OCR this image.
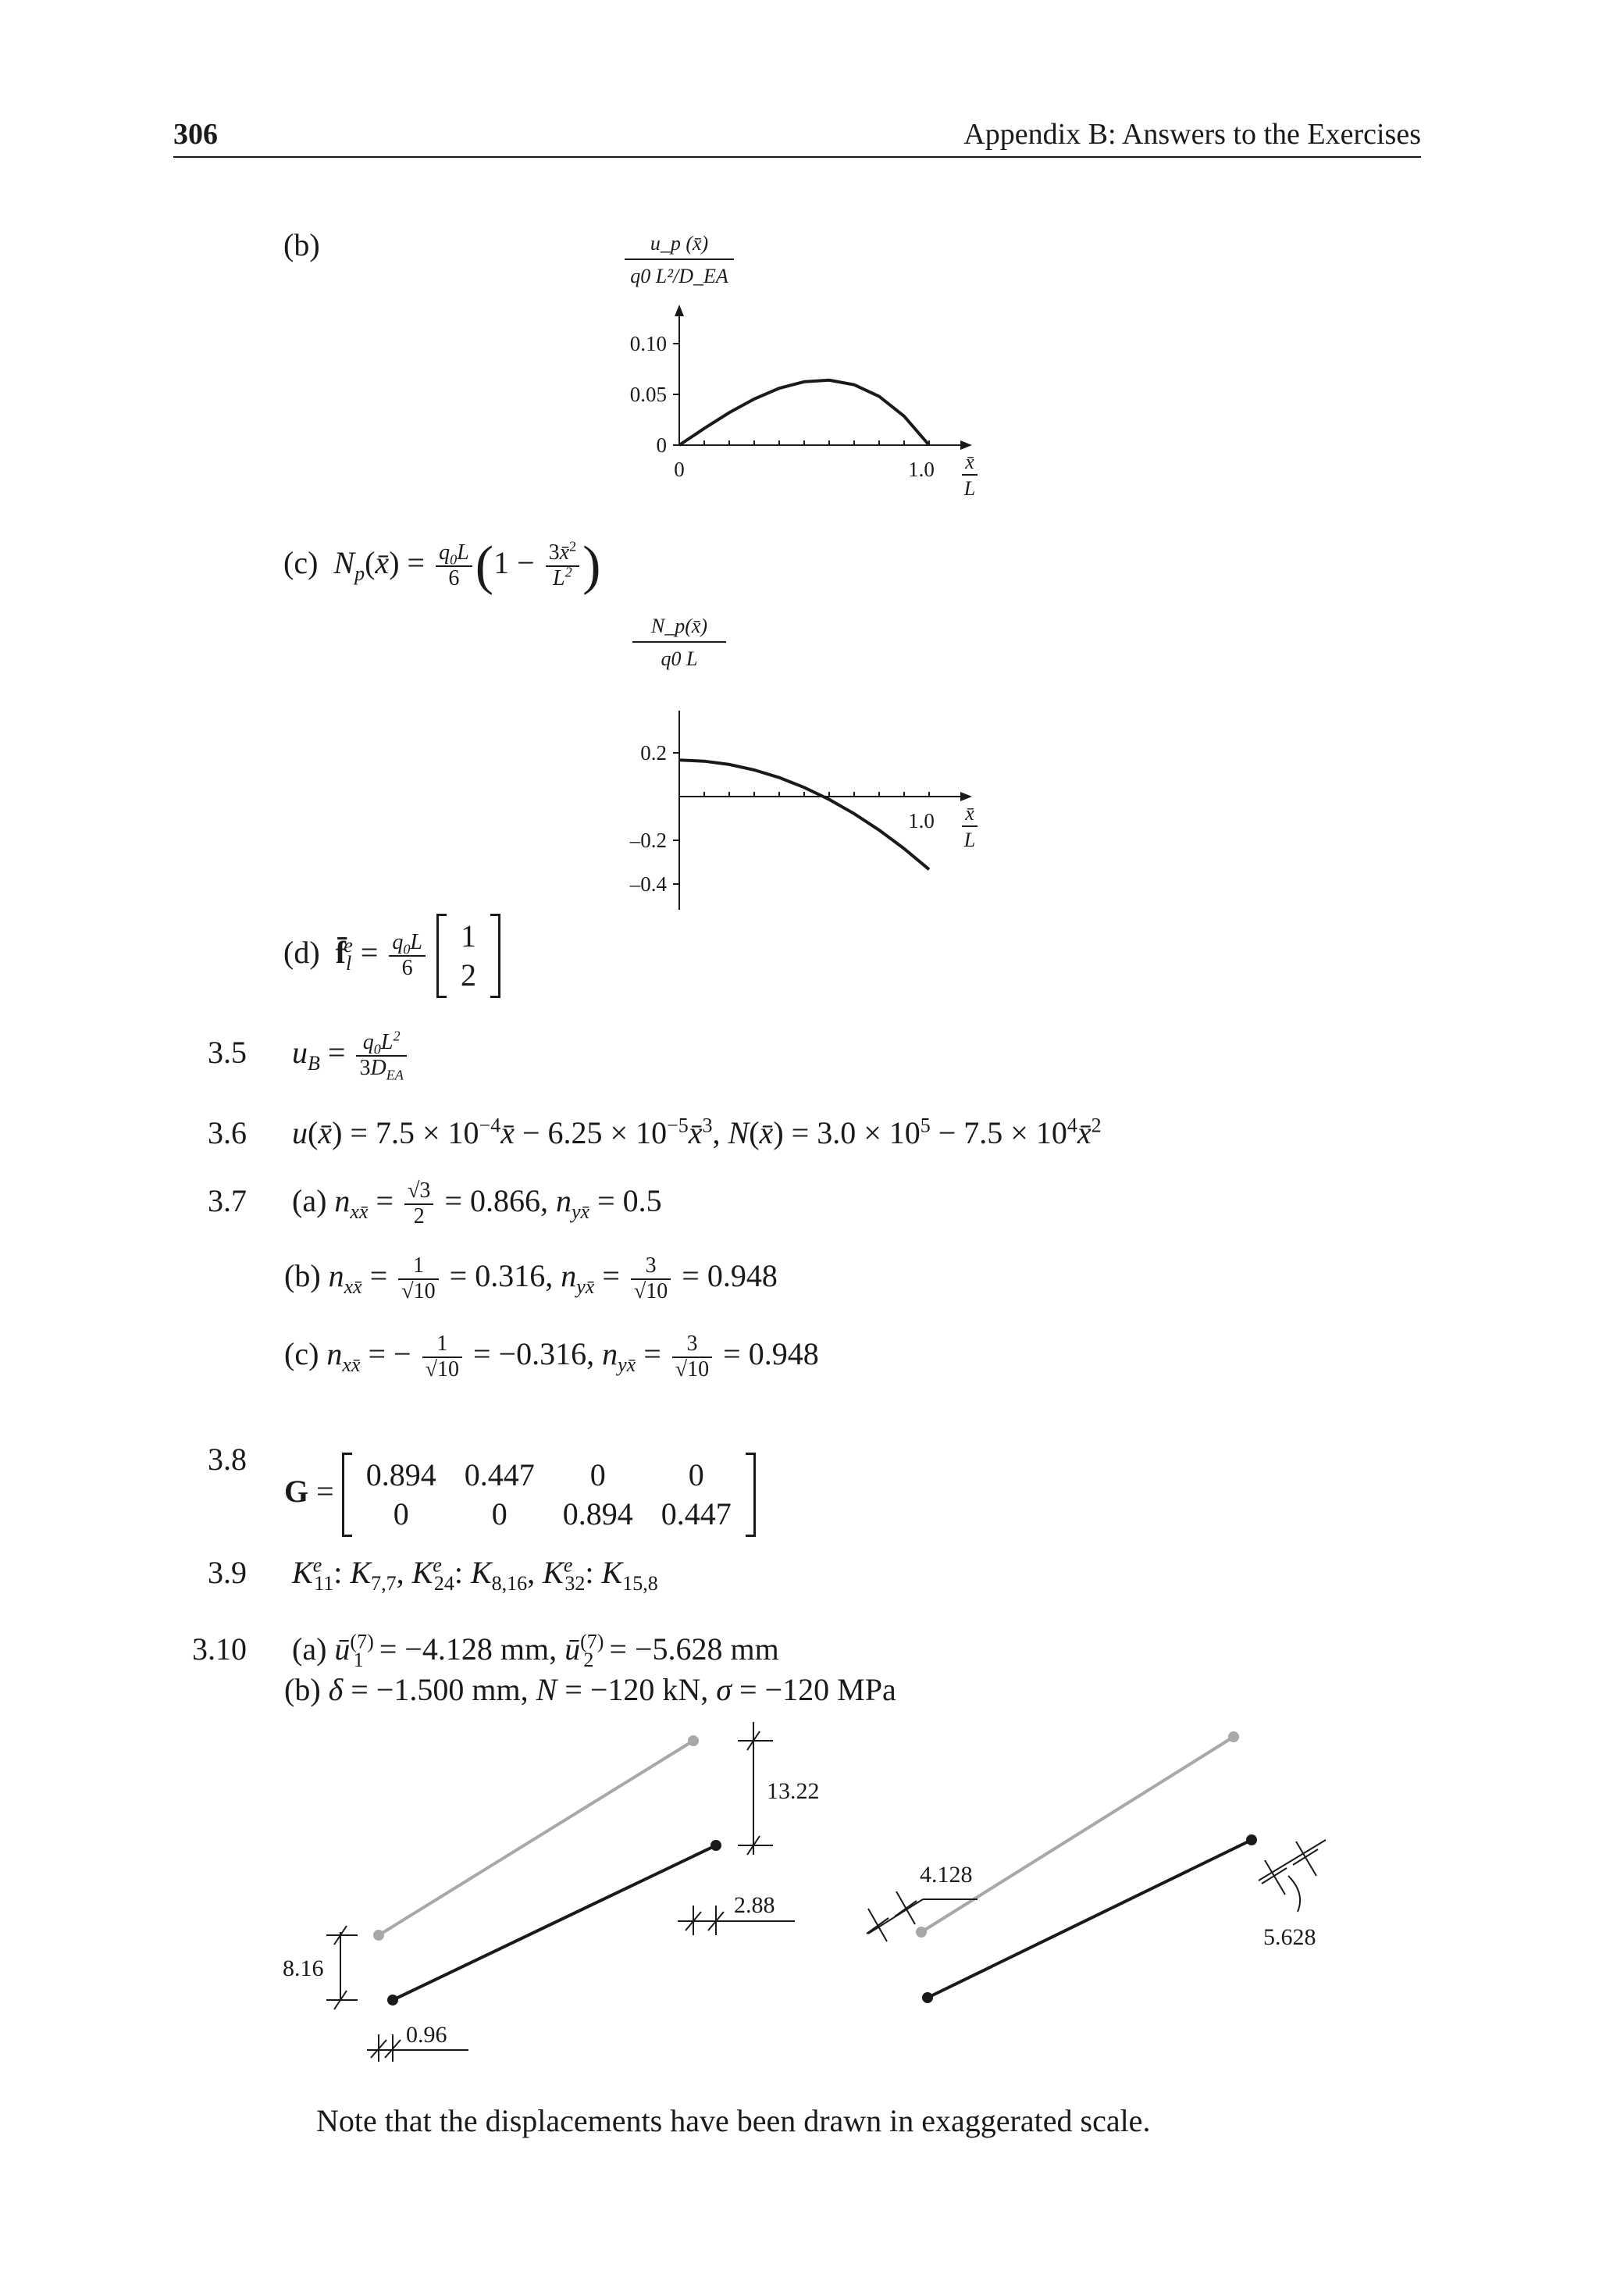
306	Appendix B: Answers to the Exercises
(b)	u_p (x̄)
q0 L²/D_EA
0
0.05
0.10
0	1.0 x̄
L
(c)  $N_p(x̄) = \frac{q_0L}{6} (1 - \frac{3x̄^2}{L^2}$ )
N_p(x̄)
q0 L
0.2
–0.2
–0.4
1.0 x̄
L
(d)  $f̄_l^e = \frac{q_0L}{6}$
1
2
3.5 $u_B = \frac{q_0L^2}{3D_{EA}}$
3.6 u(x̄) = $7.5 \times 10^{-4}x̄ - 6.25$ × $10^{-5}x̄^3$, N(x̄) = $3.0 \times 10^5 - 7.5$ × $10^4x̄^2$
3.7 (a) $n_{xx̄} = \frac{√3}{2} = 0.866$, $n_{yx̄} = 0.5$
(b) $n_{xx̄} = \frac{1}{√10} = 0.316$, $n_{yx̄} = \frac{3}{√10} = 0.948$
(c) $n_{xx̄}$ = − $\frac{1}{√10} = -0.316$, $n_{yx̄} = \frac{3}{√10} = 0.948$
3.8
G = 0.894	0.447	0	0
0	0	0.894	0.447
3.9 $K^e_{11}$: $K_{7,7}$, $K^e_{24}$: $K_{8,16}$, $K^e_{32}$: $K_{15,8}$
3.10 (a) $ū^{(7)}_1 = -4.128$ mm, $ū^{(7)}_2 = -5.628$ mm
(b) δ = −1.500 mm, N = −120 kN, σ = −120 MPa
8.16
0.96
13.22
2.88
4.128
5.628
Note that the displacements have been drawn in exaggerated scale.
